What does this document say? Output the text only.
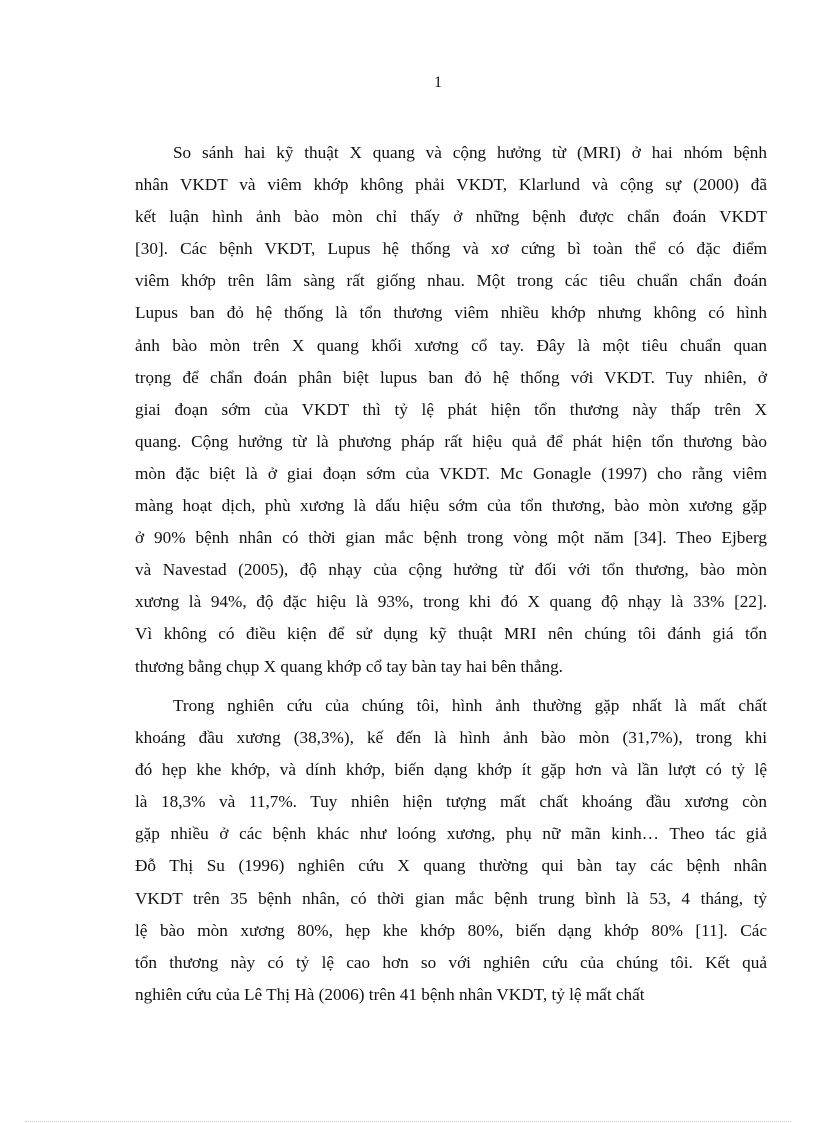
1
So sánh hai kỹ thuật X quang và cộng hưởng từ (MRI) ở hai nhóm bệnh
nhân VKDT và viêm khớp không phải VKDT, Klarlund và cộng sự (2000) đã
kết luận hình ảnh bào mòn chỉ thấy ở những bệnh được chẩn đoán VKDT
[30]. Các bệnh VKDT, Lupus hệ thống và xơ cứng bì toàn thể có đặc điểm
viêm khớp trên lâm sàng rất giống nhau. Một trong các tiêu chuẩn chẩn đoán
Lupus ban đỏ hệ thống là tổn thương viêm nhiều khớp nhưng không có hình
ảnh bào mòn trên X quang khối xương cổ tay. Đây là một tiêu chuẩn quan
trọng để chẩn đoán phân biệt lupus ban đỏ hệ thống với VKDT. Tuy nhiên, ở
giai đoạn sớm của VKDT thì tỷ lệ phát hiện tổn thương này thấp trên X
quang. Cộng hưởng từ là phương pháp rất hiệu quả để phát hiện tổn thương bào
mòn đặc biệt là ở giai đoạn sớm của VKDT. Mc Gonagle (1997) cho rằng viêm
màng hoạt dịch, phù xương là dấu hiệu sớm của tổn thương, bào mòn xương gặp
ở 90% bệnh nhân có thời gian mắc bệnh trong vòng một năm [34]. Theo Ejberg
và Navestad (2005), độ nhạy của cộng hưởng từ đối với tổn thương, bào mòn
xương là 94%, độ đặc hiệu là 93%, trong khi đó X quang độ nhạy là 33% [22].
Vì không có điều kiện để sử dụng kỹ thuật MRI nên chúng tôi đánh giá tổn
thương bằng chụp X quang khớp cổ tay bàn tay hai bên thẳng.
Trong nghiên cứu của chúng tôi, hình ảnh thường gặp nhất là mất chất
khoáng đầu xương (38,3%), kế đến là hình ảnh bào mòn (31,7%), trong khi
đó hẹp khe khớp, và dính khớp, biến dạng khớp ít gặp hơn và lần lượt có tỷ lệ
là 18,3% và 11,7%. Tuy nhiên hiện tượng mất chất khoáng đầu xương còn
gặp nhiều ở các bệnh khác như loóng xương, phụ nữ mãn kinh… Theo tác giả
Đỗ Thị Su (1996) nghiên cứu X quang thường qui bàn tay các bệnh nhân
VKDT trên 35 bệnh nhân, có thời gian mắc bệnh trung bình là 53, 4 tháng, tỷ
lệ bào mòn xương 80%, hẹp khe khớp 80%, biến dạng khớp 80% [11]. Các
tổn thương này có tỷ lệ cao hơn so với nghiên cứu của chúng tôi. Kết quả
nghiên cứu của Lê Thị Hà (2006) trên 41 bệnh nhân VKDT, tỷ lệ mất chất
